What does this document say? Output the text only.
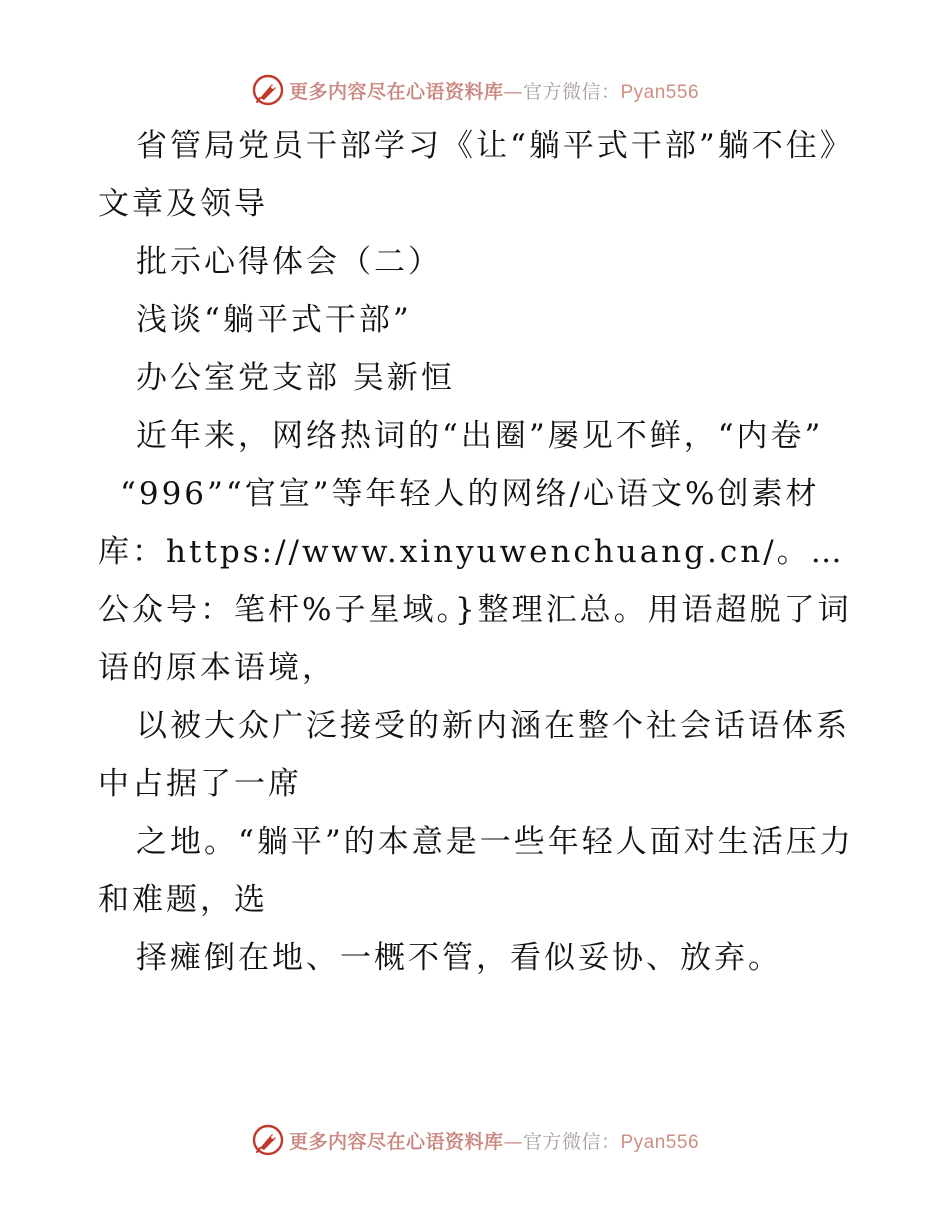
更多内容尽在心语资料库—官方微信：Pyan556

省管局党员干部学习《让“躺平式干部”躺不住》文章及领导

批示心得体会（二）

浅谈“躺平式干部”

办公室党支部 吴新恒

近年来，网络热词的“出圈”屡见不鲜，“内卷”

“996”“官宣”等年轻人的网络/心语文%创素材库：https://www.xinyuwenchuang.cn/。…公众号：笔杆%子星域。}整理汇总。用语超脱了词语的原本语境，

以被大众广泛接受的新内涵在整个社会话语体系中占据了一席

之地。“躺平”的本意是一些年轻人面对生活压力和难题，选

择瘫倒在地、一概不管，看似妥协、放弃。

更多内容尽在心语资料库—官方微信：Pyan556
